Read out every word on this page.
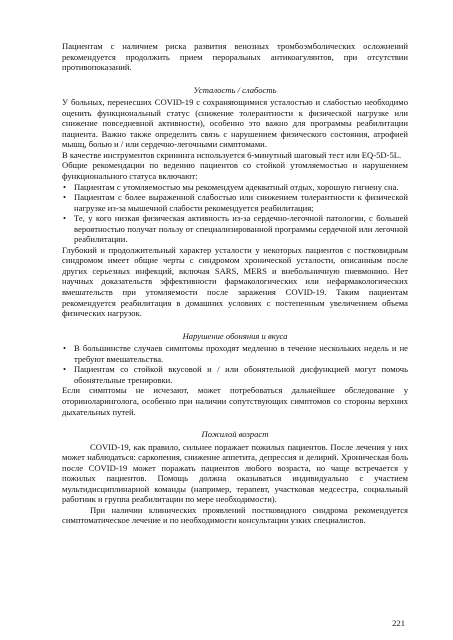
Пациентам с наличием риска развития венозных тромбоэмболических осложнений рекомендуется продолжить прием пероральных антикоагулянтов, при отсутствии противопоказаний.

Усталость / слабость

У больных, перенесших COVID-19 с сохраняющимися усталостью и слабостью необходимо оценить функциональный статус (снижение толерантности к физической нагрузке или снижение повседневной активности), особенно это важно для программы реабилитации пациента. Важно также определить связь с нарушением физического состояния, атрофией мышц, болью и / или сердечно-легочными симптомами.

В качестве инструментов скрининга используется 6-минутный шаговый тест или EQ-5D-5L.

Общие рекомендации по ведению пациентов со стойкой утомляемостью и нарушением функционального статуса включают:

• Пациентам с утомляемостью мы рекомендуем адекватный отдых, хорошую гигиену сна.
• Пациентам с более выраженной слабостью или снижением толерантности к физической нагрузке из-за мышечной слабости рекомендуется реабилитация;
• Те, у кого низкая физическая активность из-за сердечно-легочной патологии, с большей вероятностью получат пользу от специализированной программы сердечной или легочной реабилитации.

Глубокий и продолжительный характер усталости у некоторых пациентов с постковидным синдромом имеет общие черты с синдромом хронической усталости, описанным после других серьезных инфекций, включая SARS, MERS и внебольничную пневмонию. Нет научных доказательств эффективности фармакологических или нефармакологических вмешательств при утомляемости после заражения COVID-19. Таким пациентам рекомендуется реабилитация в домашних условиях с постепенным увеличением объема физических нагрузок.

Нарушение обоняния и вкуса
• В большинстве случаев симптомы проходят медленно в течение нескольких недель и не требуют вмешательства.
• Пациентам со стойкой вкусовой и / или обонятельной дисфункцией могут помочь обонятельные тренировки.

Если симптомы не исчезают, может потребоваться дальнейшее обследование у оториноларинголога, особенно при наличии сопутствующих симптомов со стороны верхних дыхательных путей.

Пожилой возраст

COVID-19, как правило, сильнее поражает пожилых пациентов. После лечения у них может наблюдаться: саркопения, снижение аппетита, депрессия и делирий. Хроническая боль после COVID-19 может поражать пациентов любого возраста, но чаще встречается у пожилых пациентов. Помощь должна оказываться индивидуально с участием мультидисциплинарной команды (например, терапевт, участковая медсестра, социальный работник и группа реабилитации по мере необходимости).

При наличии клинических проявлений постковидного синдрома рекомендуется симптоматическое лечение и по необходимости консультации узких специалистов.

221
